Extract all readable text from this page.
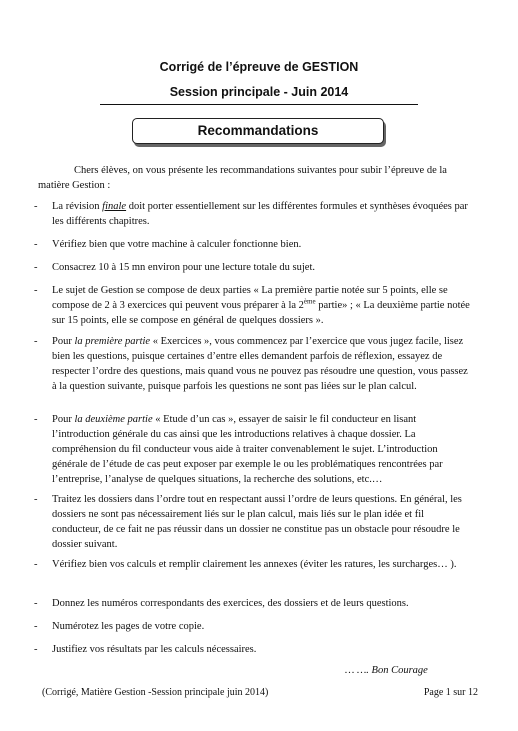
Corrigé de l’épreuve de GESTION
Session principale - Juin 2014
Recommandations
Chers élèves, on vous présente les recommandations suivantes pour subir l’épreuve de la matière Gestion :
- La révision finale doit porter essentiellement sur les différentes formules et synthèses évoquées par les différents chapitres.
- Vérifiez bien que votre machine à calculer fonctionne bien.
- Consacrez 10 à 15 mn environ pour une lecture totale du sujet.
- Le sujet de Gestion se compose de deux parties « La première partie notée sur 5 points, elle se compose de 2 à 3 exercices qui peuvent vous préparer à la 2ème partie» ; « La deuxième partie notée sur 15 points, elle se compose en général de quelques dossiers ».
- Pour la première partie « Exercices », vous commencez par l’exercice que vous jugez facile, lisez bien les questions, puisque certaines d’entre elles demandent parfois de réflexion, essayez de respecter l’ordre des questions, mais quand vous ne pouvez pas résoudre une question, vous passez à la question suivante, puisque parfois les questions ne sont pas liées sur le plan calcul.
- Pour la deuxième partie « Etude d’un cas », essayer de saisir le fil conducteur en lisant l’introduction générale du cas ainsi que les introductions relatives à chaque dossier. La compréhension du fil conducteur vous aide à traiter convenablement le sujet. L’introduction générale de l’étude de cas peut exposer par exemple le ou les problématiques rencontrées par l’entreprise, l’analyse de quelques situations, la recherche des solutions, etc.…
- Traitez les dossiers dans l’ordre tout en respectant aussi l’ordre de leurs questions. En général, les dossiers ne sont pas nécessairement liés sur le plan calcul, mais liés sur le plan idée et fil conducteur, de ce fait ne pas réussir dans un dossier ne constitue pas un obstacle pour résoudre le dossier suivant.
- Vérifiez bien vos calculs et remplir clairement les annexes (éviter les ratures, les surcharges… ).
- Donnez les numéros correspondants des exercices, des dossiers et de leurs questions.
- Numérotez les pages de votre copie.
- Justifiez vos résultats par les calculs nécessaires.
… …. Bon Courage
(Corrigé, Matière Gestion -Session principale juin 2014)	Page 1 sur 12
